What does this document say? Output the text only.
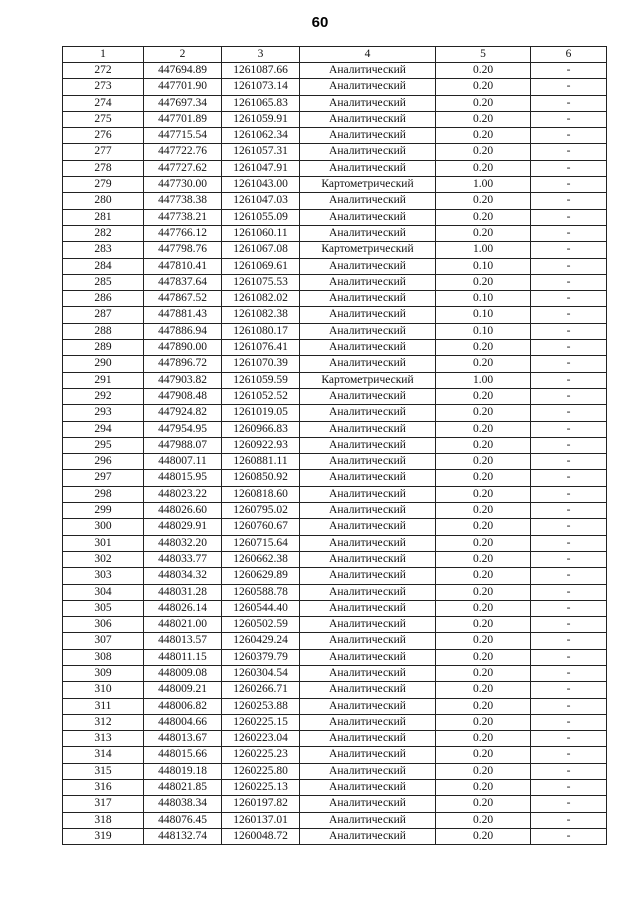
60
1	2	3	4	5	6
272	447694.89	1261087.66	Аналитический	0.20	-
273	447701.90	1261073.14	Аналитический	0.20	-
274	447697.34	1261065.83	Аналитический	0.20	-
275	447701.89	1261059.91	Аналитический	0.20	-
276	447715.54	1261062.34	Аналитический	0.20	-
277	447722.76	1261057.31	Аналитический	0.20	-
278	447727.62	1261047.91	Аналитический	0.20	-
279	447730.00	1261043.00	Картометрический	1.00	-
280	447738.38	1261047.03	Аналитический	0.20	-
281	447738.21	1261055.09	Аналитический	0.20	-
282	447766.12	1261060.11	Аналитический	0.20	-
283	447798.76	1261067.08	Картометрический	1.00	-
284	447810.41	1261069.61	Аналитический	0.10	-
285	447837.64	1261075.53	Аналитический	0.20	-
286	447867.52	1261082.02	Аналитический	0.10	-
287	447881.43	1261082.38	Аналитический	0.10	-
288	447886.94	1261080.17	Аналитический	0.10	-
289	447890.00	1261076.41	Аналитический	0.20	-
290	447896.72	1261070.39	Аналитический	0.20	-
291	447903.82	1261059.59	Картометрический	1.00	-
292	447908.48	1261052.52	Аналитический	0.20	-
293	447924.82	1261019.05	Аналитический	0.20	-
294	447954.95	1260966.83	Аналитический	0.20	-
295	447988.07	1260922.93	Аналитический	0.20	-
296	448007.11	1260881.11	Аналитический	0.20	-
297	448015.95	1260850.92	Аналитический	0.20	-
298	448023.22	1260818.60	Аналитический	0.20	-
299	448026.60	1260795.02	Аналитический	0.20	-
300	448029.91	1260760.67	Аналитический	0.20	-
301	448032.20	1260715.64	Аналитический	0.20	-
302	448033.77	1260662.38	Аналитический	0.20	-
303	448034.32	1260629.89	Аналитический	0.20	-
304	448031.28	1260588.78	Аналитический	0.20	-
305	448026.14	1260544.40	Аналитический	0.20	-
306	448021.00	1260502.59	Аналитический	0.20	-
307	448013.57	1260429.24	Аналитический	0.20	-
308	448011.15	1260379.79	Аналитический	0.20	-
309	448009.08	1260304.54	Аналитический	0.20	-
310	448009.21	1260266.71	Аналитический	0.20	-
311	448006.82	1260253.88	Аналитический	0.20	-
312	448004.66	1260225.15	Аналитический	0.20	-
313	448013.67	1260223.04	Аналитический	0.20	-
314	448015.66	1260225.23	Аналитический	0.20	-
315	448019.18	1260225.80	Аналитический	0.20	-
316	448021.85	1260225.13	Аналитический	0.20	-
317	448038.34	1260197.82	Аналитический	0.20	-
318	448076.45	1260137.01	Аналитический	0.20	-
319	448132.74	1260048.72	Аналитический	0.20	-
